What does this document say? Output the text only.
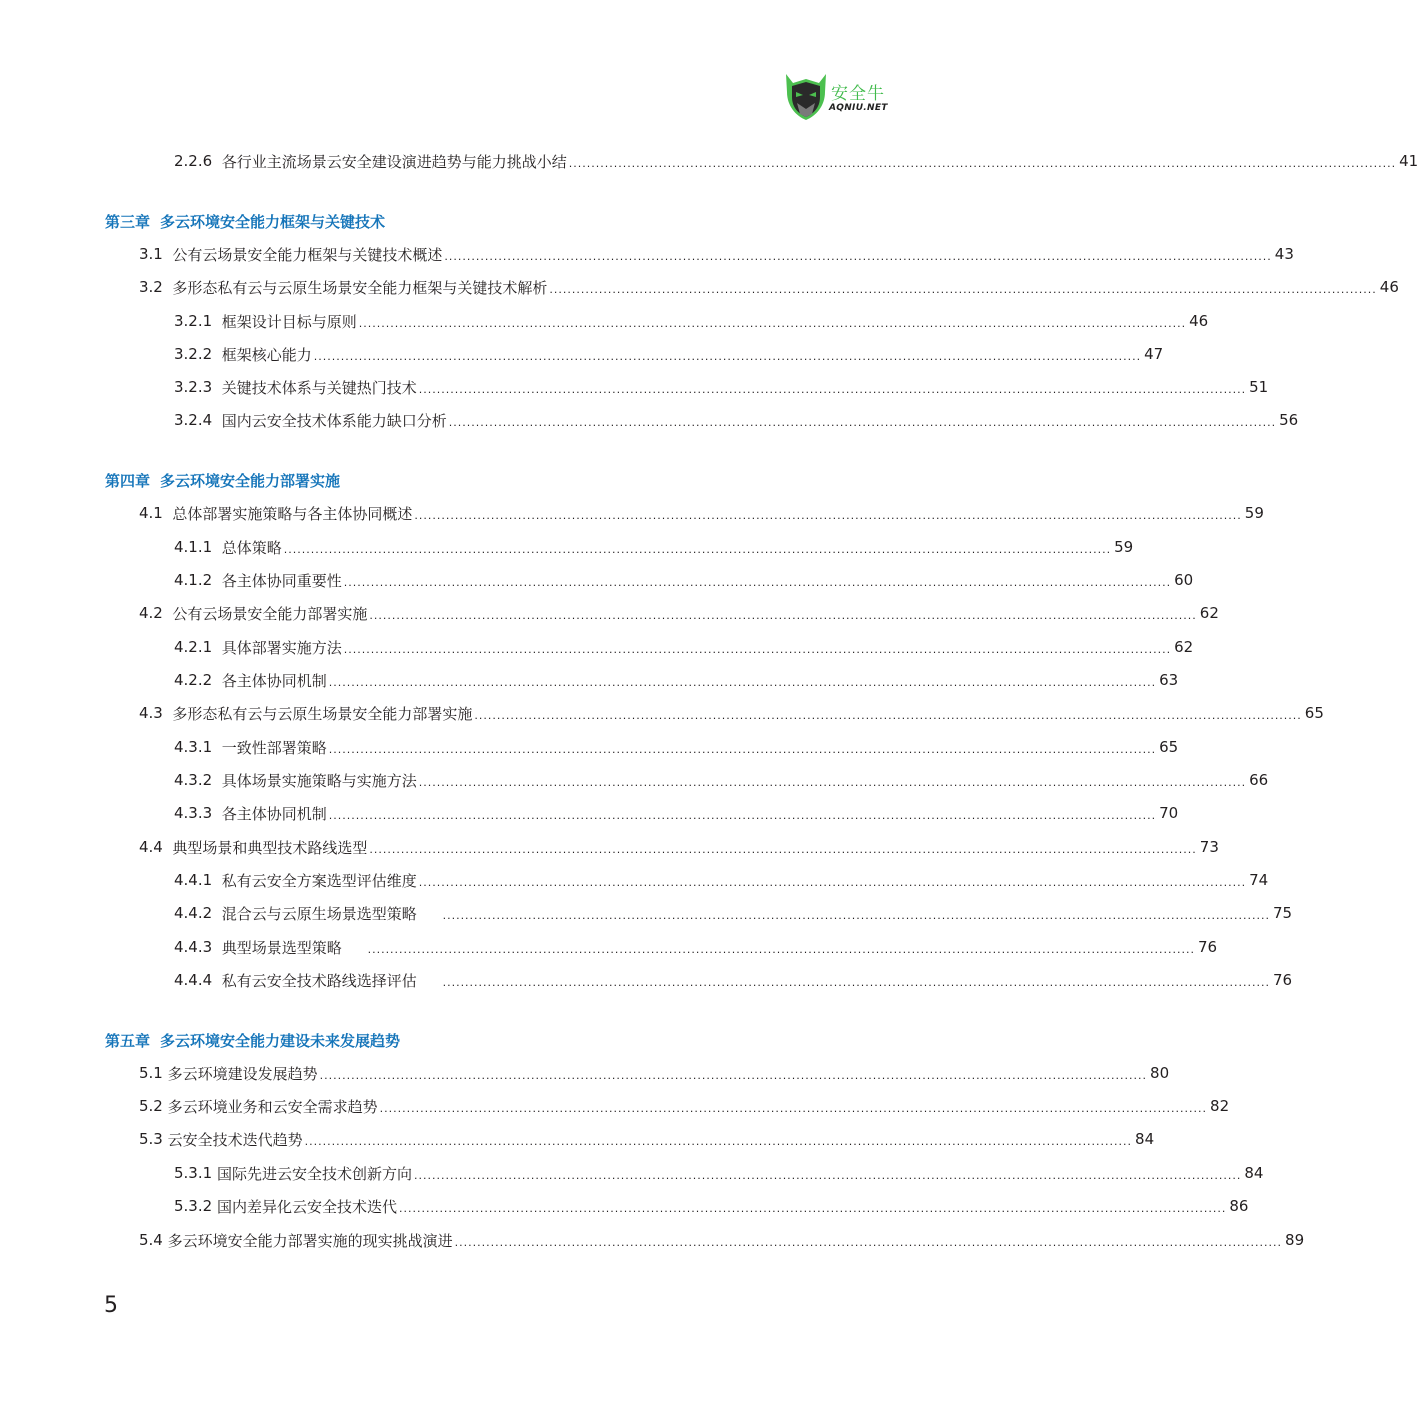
安全牛
AQNIU.NET
2.2.6
各行业主流场景云安全建设演进趋势与能力挑战小结 ........................................................................................................................................................................................ 41
第三章 多云环境安全能力框架与关键技术
3.1
公有云场景安全能力框架与关键技术概述 ........................................................................................................................................................................................ 43
3.2
多形态私有云与云原生场景安全能力框架与关键技术解析 ........................................................................................................................................................................................ 46
3.2.1
框架设计目标与原则 ........................................................................................................................................................................................ 46
3.2.2
框架核心能力 ........................................................................................................................................................................................ 47
3.2.3
关键技术体系与关键热门技术 ........................................................................................................................................................................................ 51
3.2.4
国内云安全技术体系能力缺口分析 ........................................................................................................................................................................................ 56
第四章 多云环境安全能力部署实施
4.1
总体部署实施策略与各主体协同概述 ........................................................................................................................................................................................ 59
4.1.1
总体策略 ........................................................................................................................................................................................ 59
4.1.2
各主体协同重要性 ........................................................................................................................................................................................ 60
4.2
公有云场景安全能力部署实施 ........................................................................................................................................................................................ 62
4.2.1
具体部署实施方法 ........................................................................................................................................................................................ 62
4.2.2
各主体协同机制 ........................................................................................................................................................................................ 63
4.3
多形态私有云与云原生场景安全能力部署实施 ........................................................................................................................................................................................ 65
4.3.1
一致性部署策略 ........................................................................................................................................................................................ 65
4.3.2
具体场景实施策略与实施方法 ........................................................................................................................................................................................ 66
4.3.3
各主体协同机制 ........................................................................................................................................................................................ 70
4.4
典型场景和典型技术路线选型 ........................................................................................................................................................................................ 73
4.4.1
私有云安全方案选型评估维度 ........................................................................................................................................................................................ 74
4.4.2
混合云与云原生场景选型策略
........................................................................................................................................................................................ 75
4.4.3
典型场景选型策略
........................................................................................................................................................................................ 76
4.4.4
私有云安全技术路线选择评估
........................................................................................................................................................................................ 76
第五章 多云环境安全能力建设未来发展趋势
5.1
多云环境建设发展趋势 ........................................................................................................................................................................................ 80
5.2
多云环境业务和云安全需求趋势 ........................................................................................................................................................................................ 82
5.3
云安全技术迭代趋势 ........................................................................................................................................................................................ 84
5.3.1
国际先进云安全技术创新方向 ........................................................................................................................................................................................ 84
5.3.2
国内差异化云安全技术迭代 ........................................................................................................................................................................................ 86
5.4
多云环境安全能力部署实施的现实挑战演进 ........................................................................................................................................................................................ 89
5
